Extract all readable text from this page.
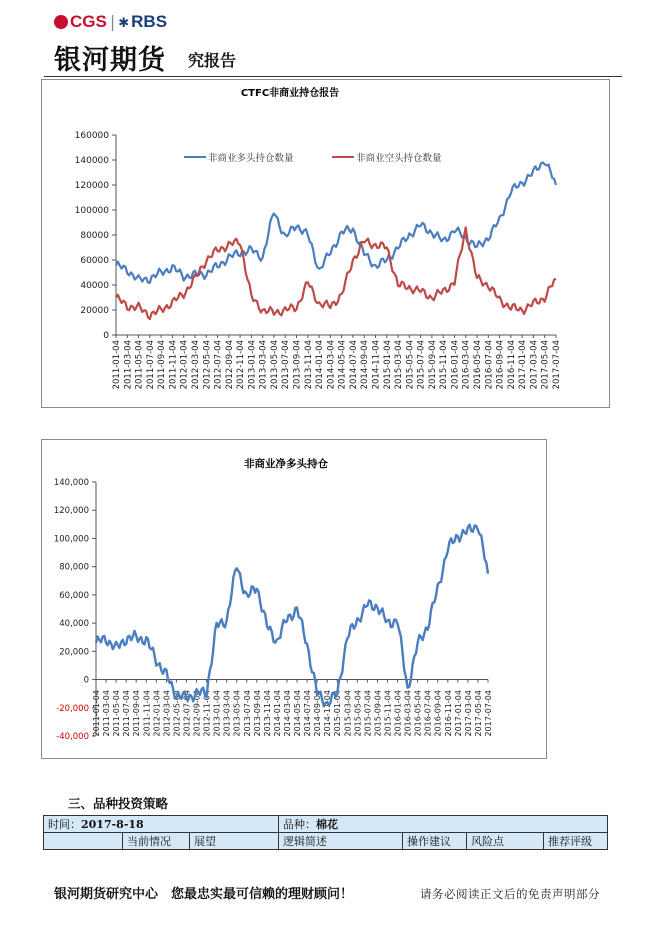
CGS | ✱ RBS
银河期货 究报告
CTFC非商业持仓报告
0
20000
40000
60000
80000
100000
120000
140000
160000
2011-01-04 2011-03-04 2011-05-04 2011-07-04 2011-09-04 2011-11-04 2012-01-04 2012-03-04 2012-05-04 2012-07-04 2012-09-04 2012-11-04 2013-01-04 2013-03-04 2013-05-04 2013-07-04 2013-09-04 2013-11-04 2014-01-04 2014-03-04 2014-05-04 2014-07-04 2014-09-04 2014-11-04 2015-01-04 2015-03-04 2015-05-04 2015-07-04 2015-09-04 2015-11-04 2016-01-04 2016-03-04 2016-05-04 2016-07-04 2016-09-04 2016-11-04 2017-01-04 2017-03-04 2017-05-04 2017-07-04
非商业多头持仓数量	非商业空头持仓数量
非商业净多头持仓
-40,000
-20,000
0
20,000
40,000
60,000
80,000
100,000
120,000
140,000
2011-01-04 2011-03-04 2011-05-04 2011-07-04 2011-09-04 2011-11-04 2012-01-04 2012-03-04 2012-05-04 2012-07-04 2012-09-04 2012-11-04 2013-01-04 2013-03-04 2013-05-04 2013-07-04 2013-09-04 2013-11-04 2014-01-04 2014-03-04 2014-05-04 2014-07-04 2014-09-04 2014-11-04 2015-01-04 2015-03-04 2015-05-04 2015-07-04 2015-09-04 2015-11-04 2016-01-04 2016-03-04 2016-05-04 2016-07-04 2016-09-04 2016-11-04 2017-01-04 2017-03-04 2017-05-04 2017-07-04
三、品种投资策略
时间：2017-8-18			品种：棉花			
	当前情况	展望	逻辑简述	操作建议	风险点	推荐评级
银河期货研究中心　您最忠实最可信赖的理财顾问！	请务必阅读正文后的免责声明部分
